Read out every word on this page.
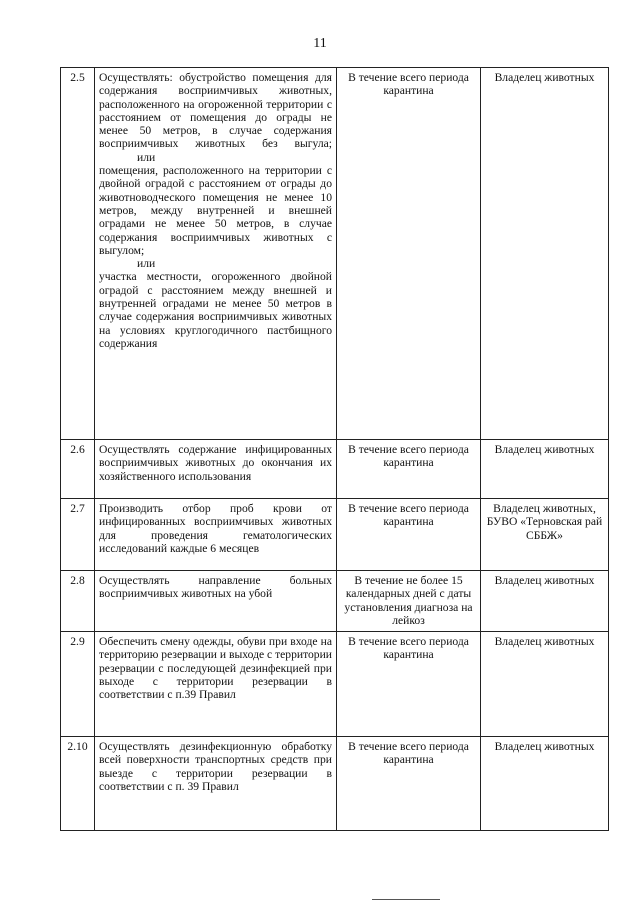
11
2.5	Осуществлять: обустройство помещения для содержания восприимчивых животных, расположенного на огороженной территории с расстоянием от помещения до ограды не менее 50 метров, в случае содержания восприимчивых животных без выгула;
или
помещения, расположенного на территории с двойной оградой с расстоянием от ограды до животноводческого помещения не менее 10 метров, между внутренней и внешней оградами не менее 50 метров, в случае содержания восприимчивых животных с выгулом;
или
участка местности, огороженного двойной оградой с расстоянием между внешней и внутренней оградами не менее 50 метров в случае содержания восприимчивых животных на условиях круглогодичного пастбищного содержания	В течение всего периода карантина	Владелец животных
2.6	Осуществлять содержание инфицированных восприимчивых животных до окончания их хозяйственного использования	В течение всего периода карантина	Владелец животных
2.7	Производить отбор проб крови от инфицированных восприимчивых животных для проведения гематологических исследований каждые 6 месяцев	В течение всего периода карантина	Владелец животных, БУВО «Терновская рай СББЖ»
2.8	Осуществлять направление больных восприимчивых животных на убой	В течение не более 15 календарных дней с даты установления диагноза на лейкоз	Владелец животных
2.9	Обеспечить смену одежды, обуви при входе на территорию резервации и выходе с территории резервации с последующей дезинфекцией при выходе с территории резервации в соответствии с п.39 Правил	В течение всего периода карантина	Владелец животных
2.10	Осуществлять дезинфекционную обработку всей поверхности транспортных средств при выезде с территории резервации в соответствии с п. 39 Правил	В течение всего периода карантина	Владелец животных
